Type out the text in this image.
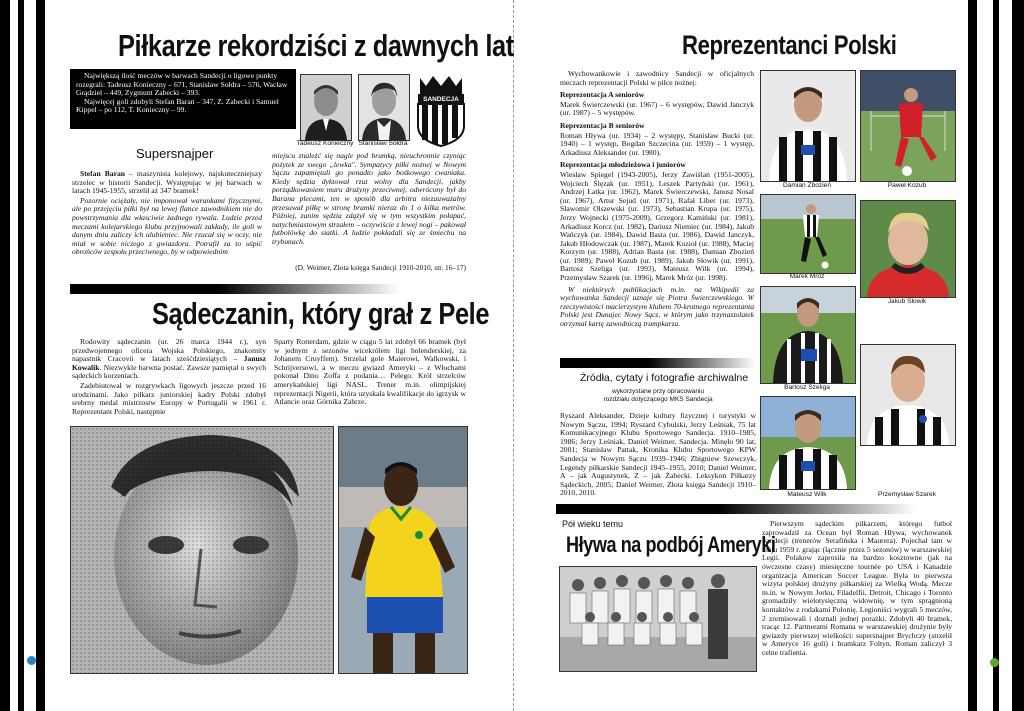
Piłkarze rekordziści z dawnych lat

Największą ilość meczów w barwach Sandecji o ligowe punkty rozegrali: Tadeusz Konieczny – 671, Stanisław Sołdra – 576, Wacław Grądziel – 449, Zygmunt Zabecki – 393.

Najwięcej goli zdobyli Stefan Baran – 347, Z. Zabecki i Samuel Kippel – po 112, T. Konieczny – 99.

Tadeusz Konieczny Stanisław Sołdra
SANDECJA
Supersnajper

Stefan Baran – maszynista kolejowy, najskuteczniejszy strzelec w historii Sandecji. Występując w jej barwach w latach 1945-1955, strzelił aż 347 bramek!

Pozornie ociężały, nie imponował warunkami fizycznymi, ale po przejęciu piłki był na lewej flance zawodnikiem nie do powstrzymania dla własciwie żadnego rywala. Ludzie przed meczami kolejarskiego klubu przyjmowali zakłady, ile goli w danym dniu zaliczy ich ulubieniec. Nie rzucał się w oczy, nie miał w sobie niczego z gwiazdora. Potrafił za to uśpić obrońców zespołu przeciwnego, by w odpowiednim

miejscu znaleźć się nagle pod bramką, nieuchronnie czyniąc pożytek ze swego „lewka". Sympatycy piłki nożnej w Nowym Sączu zapamiętali go ponadto jako bośkowego cwaniaka. Kiedy sędzia dyktował rzut wolny dla Sandecji, jakby porządkowaniem muru drużyny przeciwnej, odwrócony był do Barana plecami, ten w sposób dla arbitra niezauważalny przesuwał piłkę w stronę bramki nieraz do 1 o kilka metrów. Później, zanim sędzia zdążył się w tym wszystkim połapać, natychmiastowym strzałem – oczywiście z lewej nogi – pakował futbolówkę do siatki. A ludzie pokładali się ze śmiechu na trybunach.

(D. Weimer, Złota księga Sandecji 1910-2010, str. 16–17)
Sądeczanin, który grał z Pele

Rodowity sądeczanin (ur. 26 marca 1944 r.), syn przedwojennego oficera Wojska Polskiego, znakomity napastnik Cracovii w latach sześćdziesiątych – Janusz Kowalik. Niezwykle barwna postać. Zawsze pamiętał o swych sądeckich korzeniach.

Zadebiutował w rozgrywkach ligowych jeszcze przed 16 urodzinami. Jako piłkarz juniorskiej kadry Polski zdobył srebrny medal mistrzostw Europy w Portugalii w 1961 r. Reprezentant Polski, następnie

Sparty Rotterdam, gdzie w ciągu 5 lat zdobył 66 bramek (był w jednym z sezonów wicekrólem ligi holenderskiej, za Johanem Cruyffem). Strzelał gole Maierowi, Walkowski, i Schrijversowi, a w meczu gwiazd Ameryki – z Włochami pokonał Dino Zoffa z podania… Pelego. Król strzelców amerykańskiej ligi NASL. Trener m.in. olimpijskiej reprezentacji Nigerii, która uzyskała kwalifikacje do igrzysk w Atlancie oraz Górnika Zabrze.

Reprezentanci Polski

Wychowankowie i zawodnicy Sandecji w oficjalnych meczach reprezentacji Polski w piłce nożnej:

Reprezentacja A seniorów

Marek Świerczewski (ur. 1967) – 6 występów, Dawid Janczyk (ur. 1987) – 5 występów.

Reprezentacja B seniorów

Roman Hływa (ur. 1934) – 2 występy, Stanisław Bucki (ur. 1940) – 1 występ, Bogdan Szczecina (ur. 1959) – 1 występ, Arkadiusz Aleksander (ur. 1980).

Reprezentacja młodzieżowa i juniorów

Wiesław Spiegel (1943-2005), Jerzy Zawiślan (1951-2005), Wojciech Ślęzak (ur. 1951), Leszek Partyński (ur. 1961), Andrzej Łatka (ur. 1962), Marek Świerczewski, Janusz Nosal (ur. 1967), Artur Sejud (ur. 1971), Rafał Liber (ur. 1973), Sławomir Olszewski (ur. 1973), Sebastian Krupa (ur. 1975), Jerzy Wojnecki (1975-2009), Grzegorz Kamiński (ur. 1981), Arkadiusz Korcz (ur. 1982), Dariusz Niemiec (ur. 1984), Jakub Wańczyk (ur. 1984), Dawid Basta (ur. 1986), Dawid Janczyk, Jakub Hłodowczak (ur. 1987), Marek Kozioł (ur. 1988), Maciej Korzym (ur. 1988), Adrian Basta (ur. 1988), Damian Zbozień (ur. 1989), Paweł Kozub (ur. 1989), Jakub Słowik (ur. 1991), Bartosz Szeliga (ur. 1993), Mateusz Wilk (ur. 1994), Przemysław Szarek (ur. 1996), Marek Mróz (ur. 1998).

W niektórych publikacjach m.in. na Wikipedii za wychowanka Sandecji uznaje się Piotra Świerczewskiego. W rzeczywistości macierzystym klubem 70-krotnego reprezentanta Polski jest Dunajec Nowy Sącz, w którym jako trzynastolatek otrzymał kartę zawodniczą trampkarza.

Źródła, cytaty i fotografie archiwalne
wykorzystane przy opracowaniu
rozdziału dotyczącego MKS Sandecja

Ryszard Aleksander, Dzieje kultury fizycznej i turystyki w Nowym Sączu, 1994; Ryszard Cybulski, Jerzy Leśniak, 75 lat Komunikacyjnego Klubu Sportowego Sandecja. 1910–1985, 1986; Jerzy Leśniak, Daniel Weimer, Sandecja. Minęło 90 lat, 2001; Stanisław Pattak, Kronika Klubu Sportowego KPW Sandecja w Nowym Sączu 1939–1946; Zbigniew Szewczyk, Legendy piłkarskie Sandecji 1945–1955, 2010; Daniel Weimer, A – jak Augustynek, Z – jak Żabecki. Leksykon Piłkarzy Sądeckich, 2005; Daniel Weimer, Złota księga Sandecji 1910–2010, 2010.

Pół wieku temu
Hływa na podbój Ameryki

Pierwszym sądeckim piłkarzem, którego futbol zaprowadził za Ocean był Roman Hływa, wychowanek Sandecji (trenerów Serafińska i Maurera). Pojechał tam w maju 1959 r. grając (łącznie przez 5 sezonów) w warszawskiej Legii. Polakow zaprosiła na bardzo kosztowne (jak na ówczesne czasy) miesięczne tournée po USA i Kanadzie organizacja American Soccer League. Była to pierwsza wizyta polskiej drużyny piłkarskiej za Wielką Wodą. Mecze m.in. w Nowym Jorku, Filadelfii, Detroit, Chicago i Toronto gromadziły wielotysięczną widownię, w tym sprągnioną kontaktów z rodakami Polonię. Legioniści wygrali 5 meczów, 2 zremisowali i doznali jednej porażki. Zdobyli 40 bramek, tracąc 12. Partnerami Romana w warszawskiej drużynie były gwiazdy pierwszej wielkości: supersnajper Brychczy (strzelił w Ameryce 16 goli) i bramkarz Foltyn. Roman zaliczył 3 celne trafienia.

Damian Zbozień	Paweł Kozub
Marek Mróz
Jakub Słowik
Bartosz Szeliga
Przemysław Szarek
Mateusz Wilk
